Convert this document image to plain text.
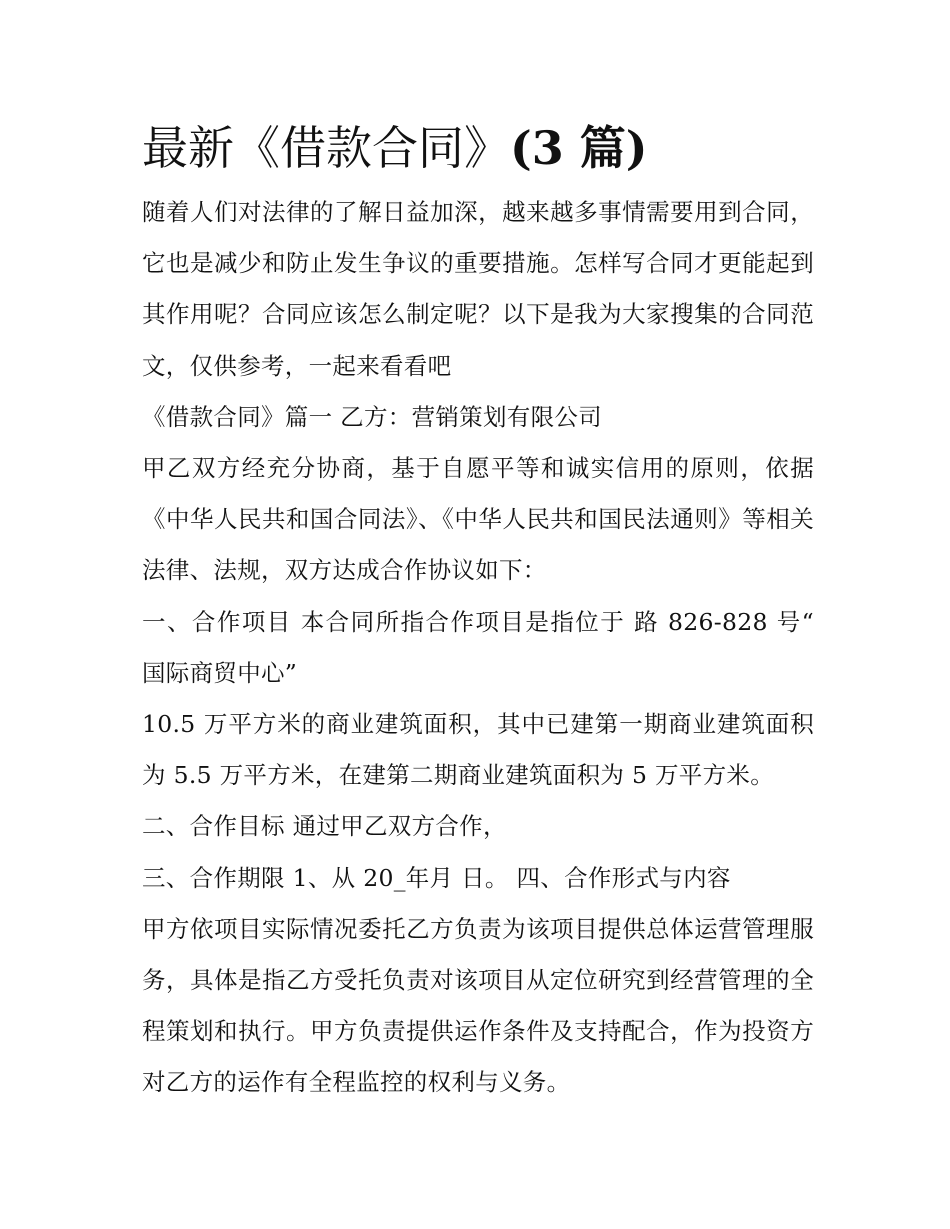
最新《借款合同》(3 篇)

随着人们对法律的了解日益加深，越来越多事情需要用到合同，它也是减少和防止发生争议的重要措施。怎样写合同才更能起到其作用呢？合同应该怎么制定呢？以下是我为大家搜集的合同范文，仅供参考，一起来看看吧

《借款合同》篇一 乙方：营销策划有限公司

甲乙双方经充分协商，基于自愿平等和诚实信用的原则，依据《中华人民共和国合同法》、《中华人民共和国民法通则》等相关法律、法规，双方达成合作协议如下：

一、合作项目 本合同所指合作项目是指位于 路 826-828 号“ 国际商贸中心”

10.5 万平方米的商业建筑面积，其中已建第一期商业建筑面积为 5.5 万平方米，在建第二期商业建筑面积为 5 万平方米。

二、合作目标 通过甲乙双方合作，

三、合作期限 1、从 20_年月 日。 四、合作形式与内容

甲方依项目实际情况委托乙方负责为该项目提供总体运营管理服务，具体是指乙方受托负责对该项目从定位研究到经营管理的全程策划和执行。甲方负责提供运作条件及支持配合，作为投资方对乙方的运作有全程监控的权利与义务。
